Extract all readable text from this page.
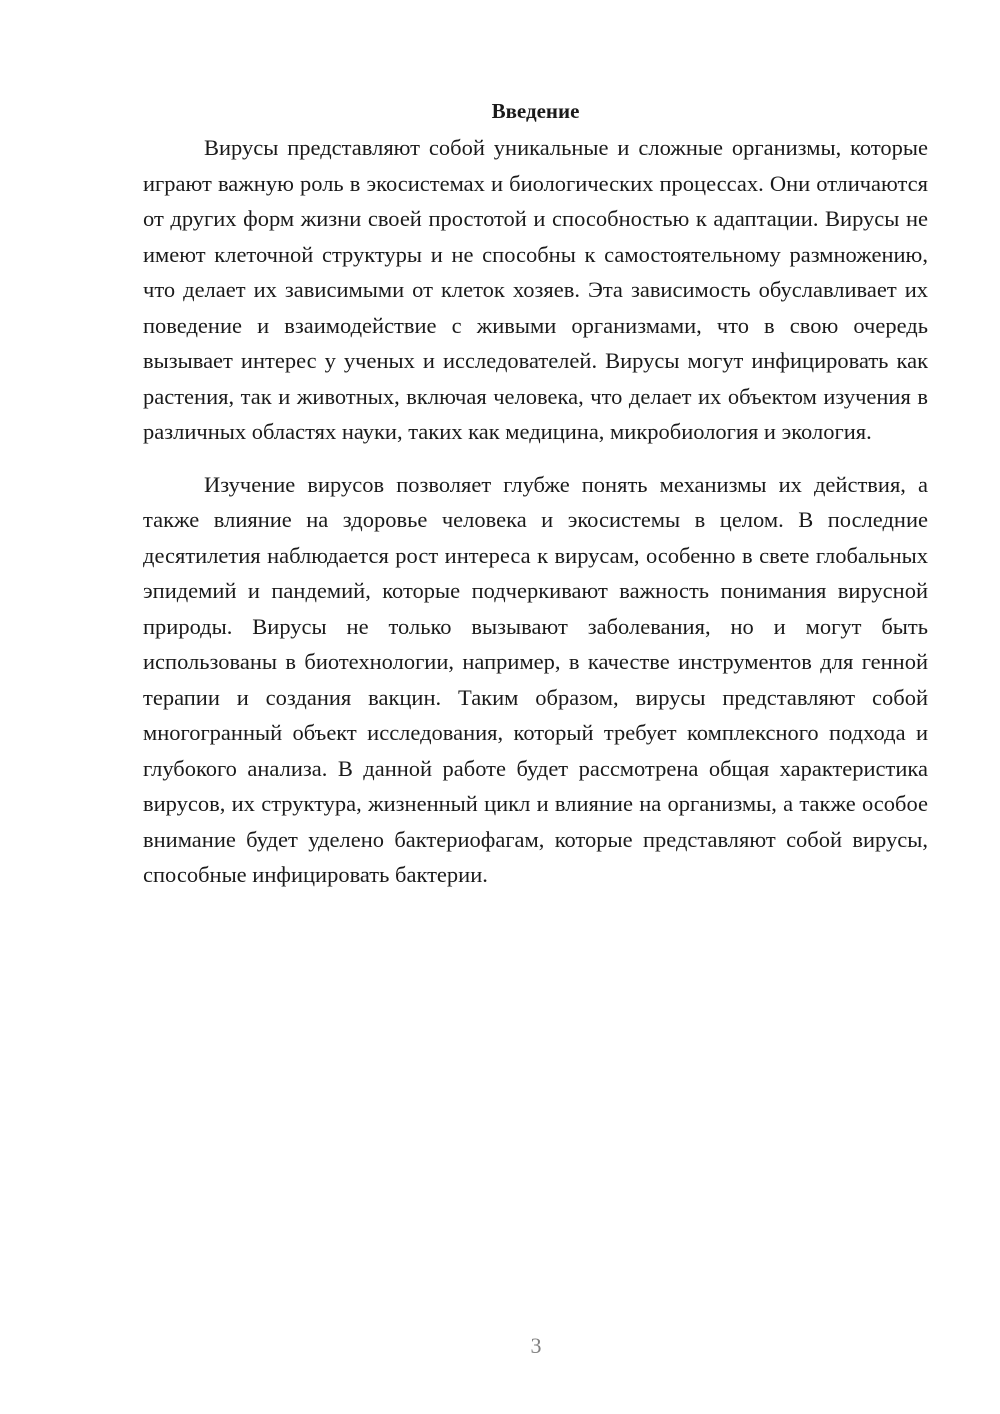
Введение

Вирусы представляют собой уникальные и сложные организмы, которые играют важную роль в экосистемах и биологических процессах. Они отличаются от других форм жизни своей простотой и способностью к адаптации. Вирусы не имеют клеточной структуры и не способны к самостоятельному размножению, что делает их зависимыми от клеток хозяев. Эта зависимость обуславливает их поведение и взаимодействие с живыми организмами, что в свою очередь вызывает интерес у ученых и исследователей. Вирусы могут инфицировать как растения, так и животных, включая человека, что делает их объектом изучения в различных областях науки, таких как медицина, микробиология и экология.

Изучение вирусов позволяет глубже понять механизмы их действия, а также влияние на здоровье человека и экосистемы в целом. В последние десятилетия наблюдается рост интереса к вирусам, особенно в свете глобальных эпидемий и пандемий, которые подчеркивают важность понимания вирусной природы. Вирусы не только вызывают заболевания, но и могут быть использованы в биотехнологии, например, в качестве инструментов для генной терапии и создания вакцин. Таким образом, вирусы представляют собой многогранный объект исследования, который требует комплексного подхода и глубокого анализа. В данной работе будет рассмотрена общая характеристика вирусов, их структура, жизненный цикл и влияние на организмы, а также особое внимание будет уделено бактериофагам, которые представляют собой вирусы, способные инфицировать бактерии.

3
